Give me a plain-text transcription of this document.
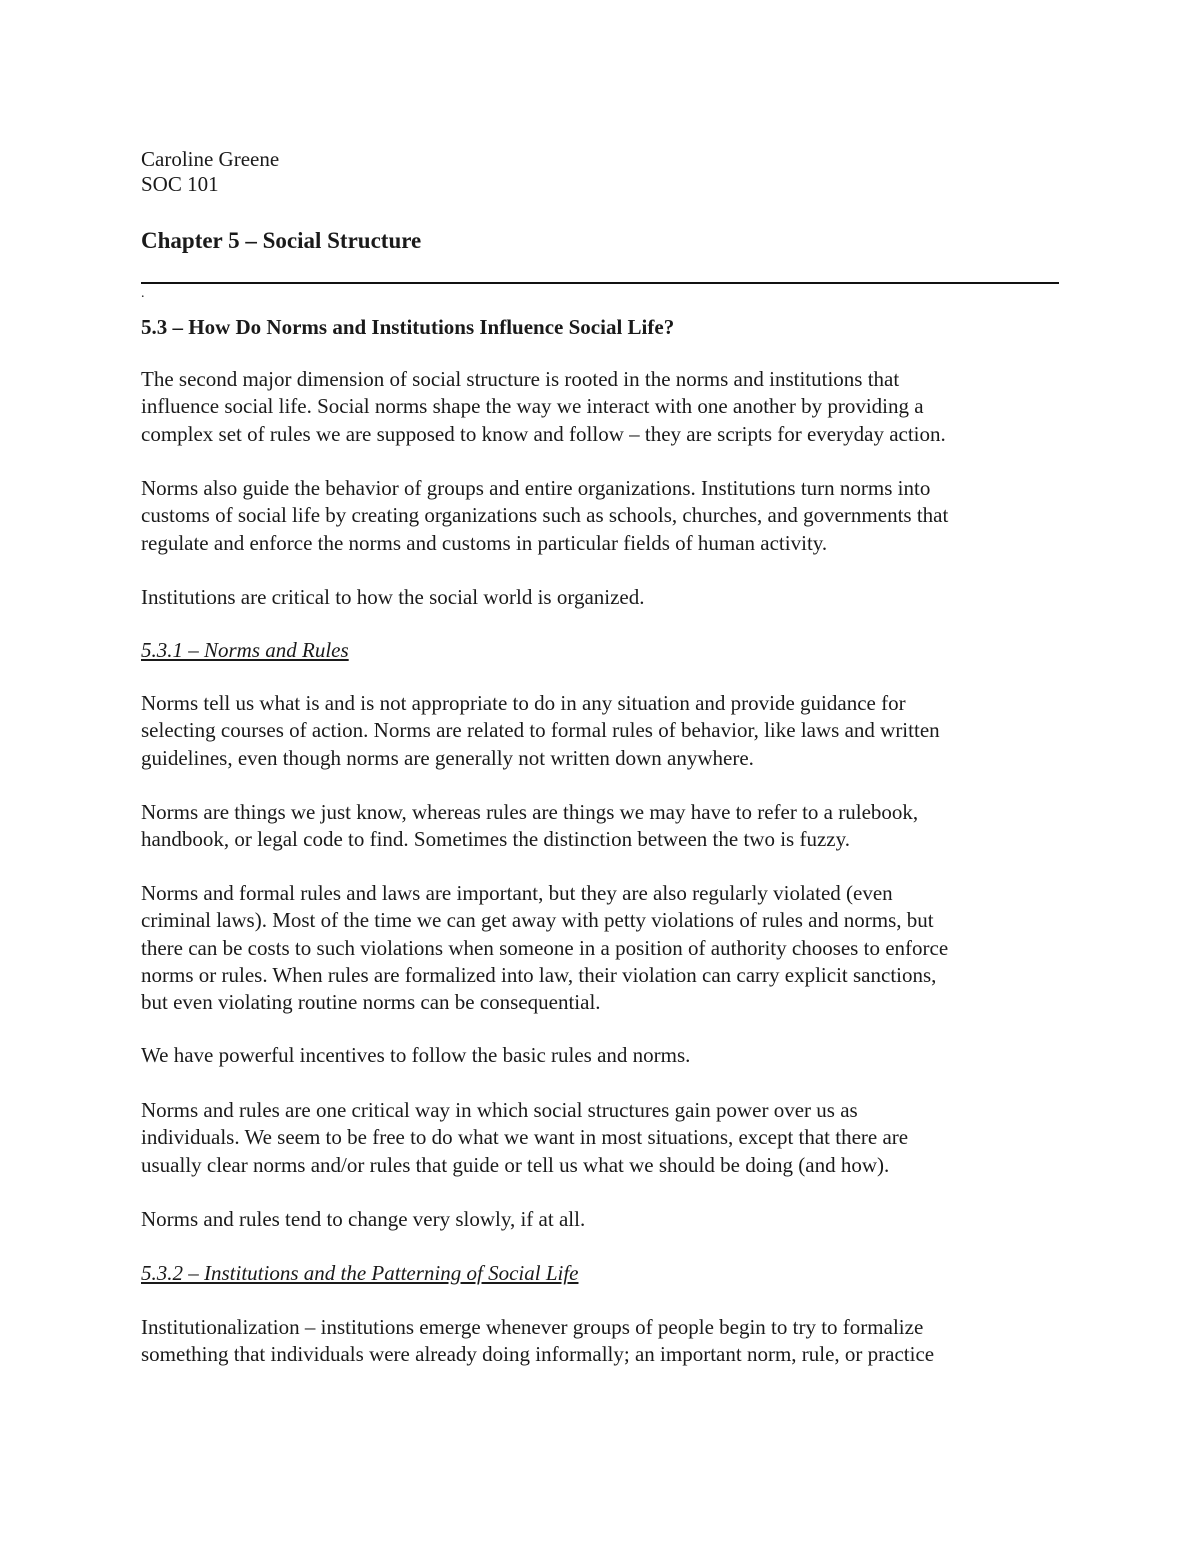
Caroline Greene

SOC 101

Chapter 5 – Social Structure
.
5.3 – How Do Norms and Institutions Influence Social Life?
The second major dimension of social structure is rooted in the norms and institutions that
influence social life. Social norms shape the way we interact with one another by providing a
complex set of rules we are supposed to know and follow – they are scripts for everyday action.
Norms also guide the behavior of groups and entire organizations. Institutions turn norms into
customs of social life by creating organizations such as schools, churches, and governments that
regulate and enforce the norms and customs in particular fields of human activity.
Institutions are critical to how the social world is organized.

5.3.1 – Norms and Rules

Norms tell us what is and is not appropriate to do in any situation and provide guidance for
selecting courses of action. Norms are related to formal rules of behavior, like laws and written
guidelines, even though norms are generally not written down anywhere.
Norms are things we just know, whereas rules are things we may have to refer to a rulebook,
handbook, or legal code to find. Sometimes the distinction between the two is fuzzy.
Norms and formal rules and laws are important, but they are also regularly violated (even
criminal laws). Most of the time we can get away with petty violations of rules and norms, but
there can be costs to such violations when someone in a position of authority chooses to enforce
norms or rules. When rules are formalized into law, their violation can carry explicit sanctions,
but even violating routine norms can be consequential.
We have powerful incentives to follow the basic rules and norms.
Norms and rules are one critical way in which social structures gain power over us as
individuals. We seem to be free to do what we want in most situations, except that there are
usually clear norms and/or rules that guide or tell us what we should be doing (and how).
Norms and rules tend to change very slowly, if at all.

5.3.2 – Institutions and the Patterning of Social Life

Institutionalization – institutions emerge whenever groups of people begin to try to formalize
something that individuals were already doing informally; an important norm, rule, or practice
